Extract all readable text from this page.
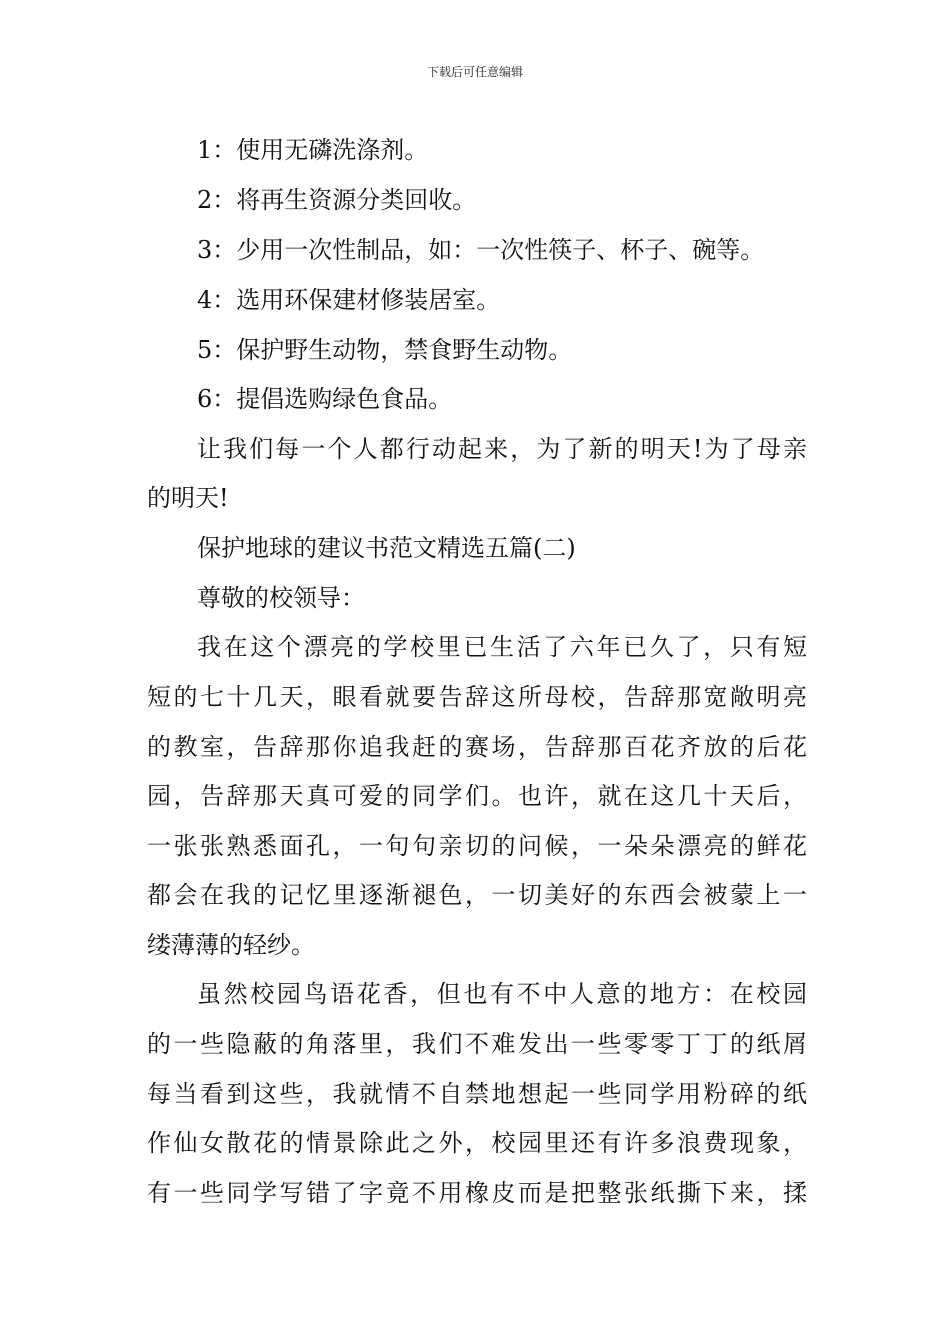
下载后可任意编辑
1：使用无磷洗涤剂。
2：将再生资源分类回收。
3：少用一次性制品，如：一次性筷子、杯子、碗等。
4：选用环保建材修装居室。
5：保护野生动物，禁食野生动物。
6：提倡选购绿色食品。
让我们每一个人都行动起来，为了新的明天!为了母亲
的明天!
保护地球的建议书范文精选五篇(二)
尊敬的校领导：
我在这个漂亮的学校里已生活了六年已久了，只有短
短的七十几天，眼看就要告辞这所母校，告辞那宽敞明亮
的教室，告辞那你追我赶的赛场，告辞那百花齐放的后花
园，告辞那天真可爱的同学们。也许，就在这几十天后，
一张张熟悉面孔，一句句亲切的问候，一朵朵漂亮的鲜花
都会在我的记忆里逐渐褪色，一切美好的东西会被蒙上一
缕薄薄的轻纱。
虽然校园鸟语花香，但也有不中人意的地方：在校园
的一些隐蔽的角落里，我们不难发出一些零零丁丁的纸屑
每当看到这些，我就情不自禁地想起一些同学用粉碎的纸
作仙女散花的情景除此之外，校园里还有许多浪费现象，
有一些同学写错了字竟不用橡皮而是把整张纸撕下来，揉
